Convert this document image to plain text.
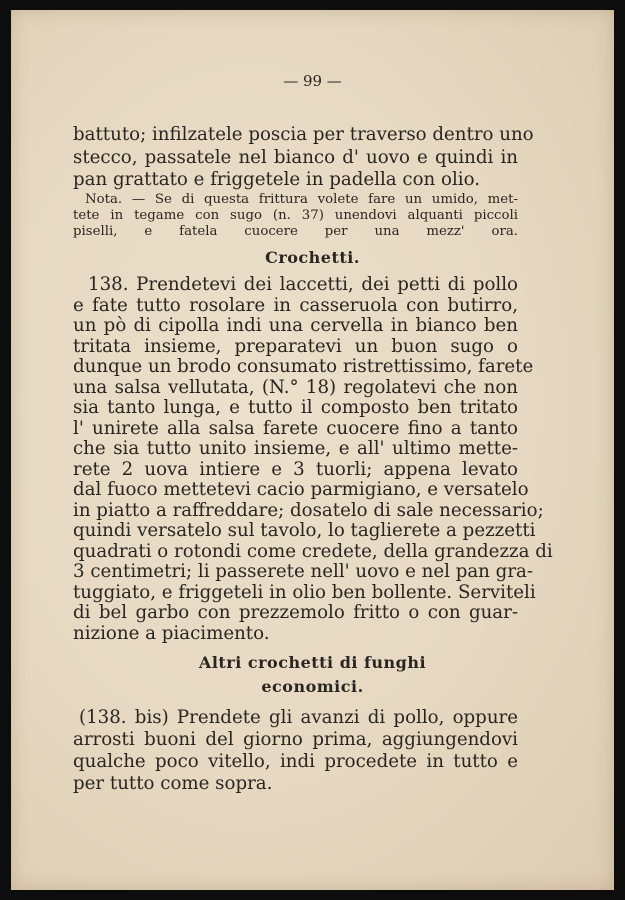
— 99 —
battuto; infilzatele poscia per traverso dentro uno
stecco, passatele nel bianco d' uovo e quindi in
pan grattato e friggetele in padella con olio.
Nota. — Se di questa frittura volete fare un umido, met-
tete in tegame con sugo (n. 37) unendovi alquanti piccoli
piselli, e fatela cuocere per una mezz' ora.
Crochetti.
138. Prendetevi dei laccetti, dei petti di pollo
e fate tutto rosolare in casseruola con butirro,
un pò di cipolla indi una cervella in bianco ben
tritata insieme, preparatevi un buon sugo o
dunque un brodo consumato ristrettissimo, farete
una salsa vellutata, (N.° 18) regolatevi che non
sia tanto lunga, e tutto il composto ben tritato
l' unirete alla salsa farete cuocere fino a tanto
che sia tutto unito insieme, e all' ultimo mette-
rete 2 uova intiere e 3 tuorli; appena levato
dal fuoco mettetevi cacio parmigiano, e versatelo
in piatto a raffreddare; dosatelo di sale necessario;
quindi versatelo sul tavolo, lo taglierete a pezzetti
quadrati o rotondi come credete, della grandezza di
3 centimetri; li passerete nell' uovo e nel pan gra-
tuggiato, e friggeteli in olio ben bollente. Serviteli
di bel garbo con prezzemolo fritto o con guar-
nizione a piacimento.
Altri crochetti di funghi
economici.
(138. bis) Prendete gli avanzi di pollo, oppure
arrosti buoni del giorno prima, aggiungendovi
qualche poco vitello, indi procedete in tutto e
per tutto come sopra.
